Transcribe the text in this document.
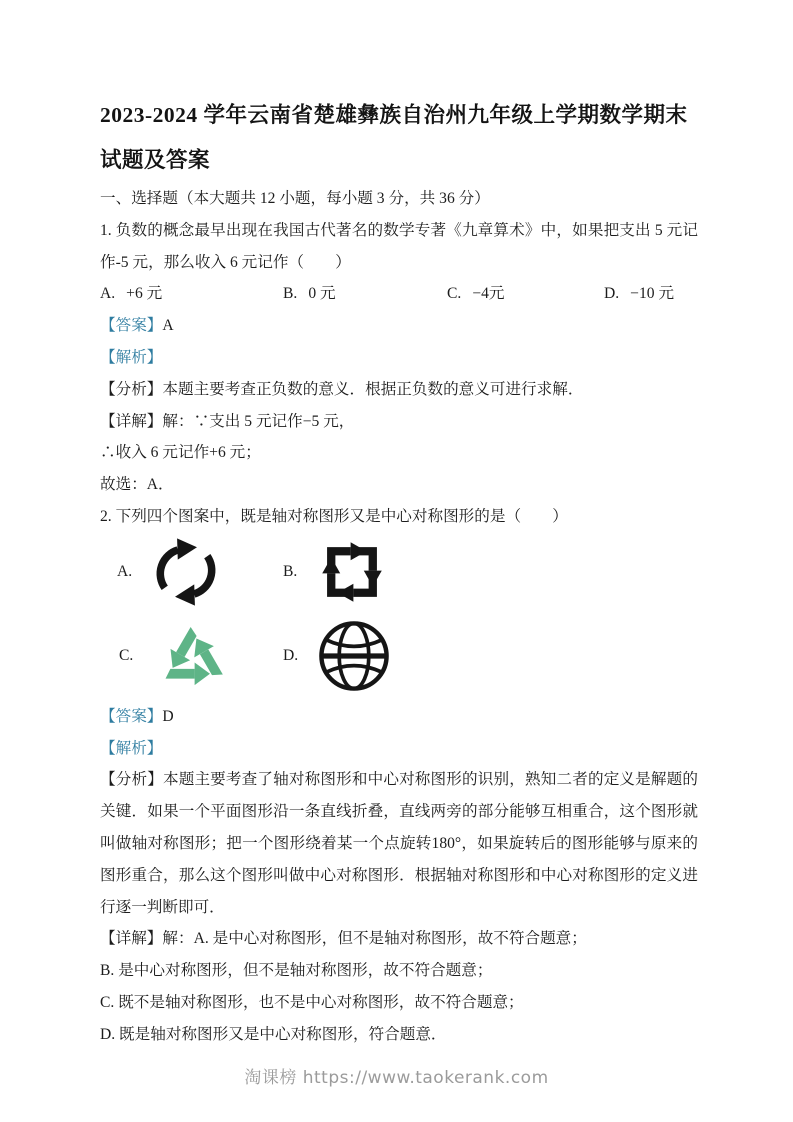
2023-2024 学年云南省楚雄彝族自治州九年级上学期数学期末试题及答案

一、选择题（本大题共 12 小题，每小题 3 分，共 36 分）

1. 负数的概念最早出现在我国古代著名的数学专著《九章算术》中，如果把支出 5 元记作-5 元，那么收入 6 元记作（　　）

A. +6 元	B. 0 元	C. −4元	D. −10 元

【答案】A

【解析】

【分析】本题主要考查正负数的意义．根据正负数的意义可进行求解．

【详解】解：∵支出 5 元记作−5 元，

∴收入 6 元记作+6 元；

故选：A．

2. 下列四个图案中，既是轴对称图形又是中心对称图形的是（　　）

A.	B.
C.	D.

【答案】D

【解析】

【分析】本题主要考查了轴对称图形和中心对称图形的识别，熟知二者的定义是解题的关键．如果一个平面图形沿一条直线折叠，直线两旁的部分能够互相重合，这个图形就叫做轴对称图形；把一个图形绕着某一个点旋转180°，如果旋转后的图形能够与原来的图形重合，那么这个图形叫做中心对称图形．根据轴对称图形和中心对称图形的定义进行逐一判断即可．

【详解】解：A. 是中心对称图形，但不是轴对称图形，故不符合题意；

B. 是中心对称图形，但不是轴对称图形，故不符合题意；

C. 既不是轴对称图形，也不是中心对称图形，故不符合题意；

D. 既是轴对称图形又是中心对称图形，符合题意．

淘课榜 https://www.taokerank.com
